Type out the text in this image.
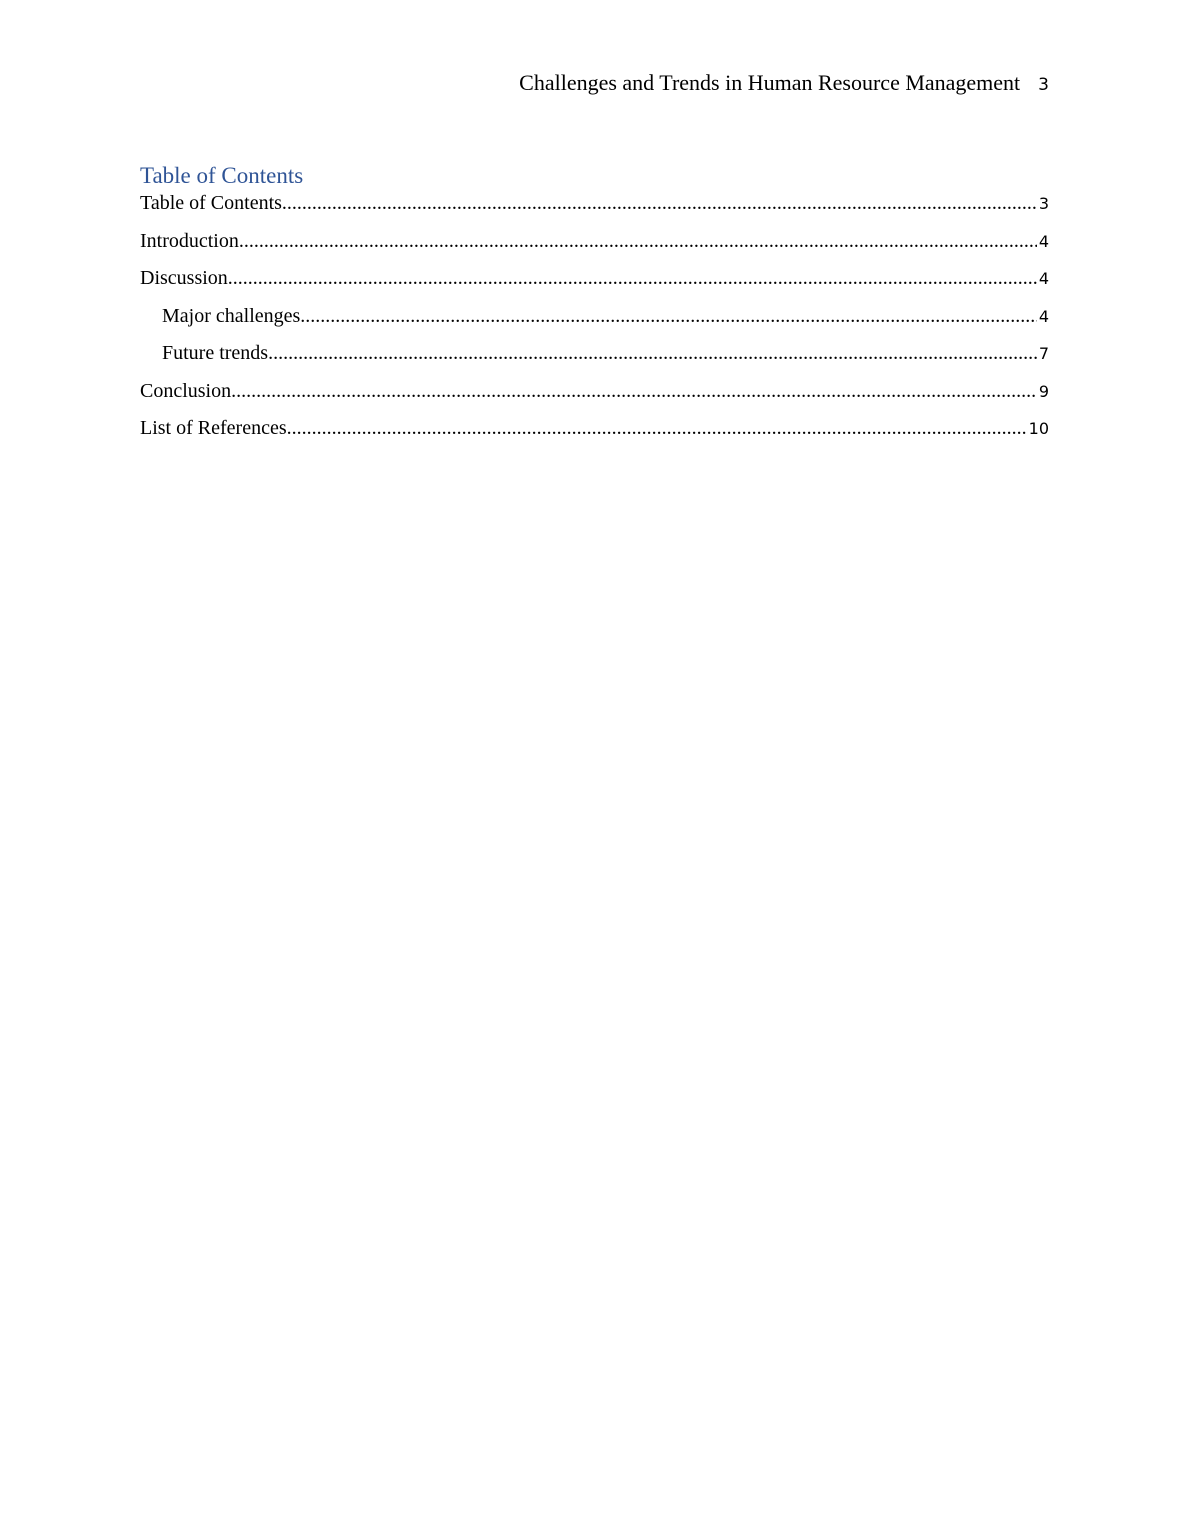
Challenges and Trends in Human Resource Management 3
Table of Contents
Table of Contents .....	3
Introduction .....	4
Discussion .....	4
Major challenges .....	4
Future trends .....	7
Conclusion .....	9
List of References .....	10
